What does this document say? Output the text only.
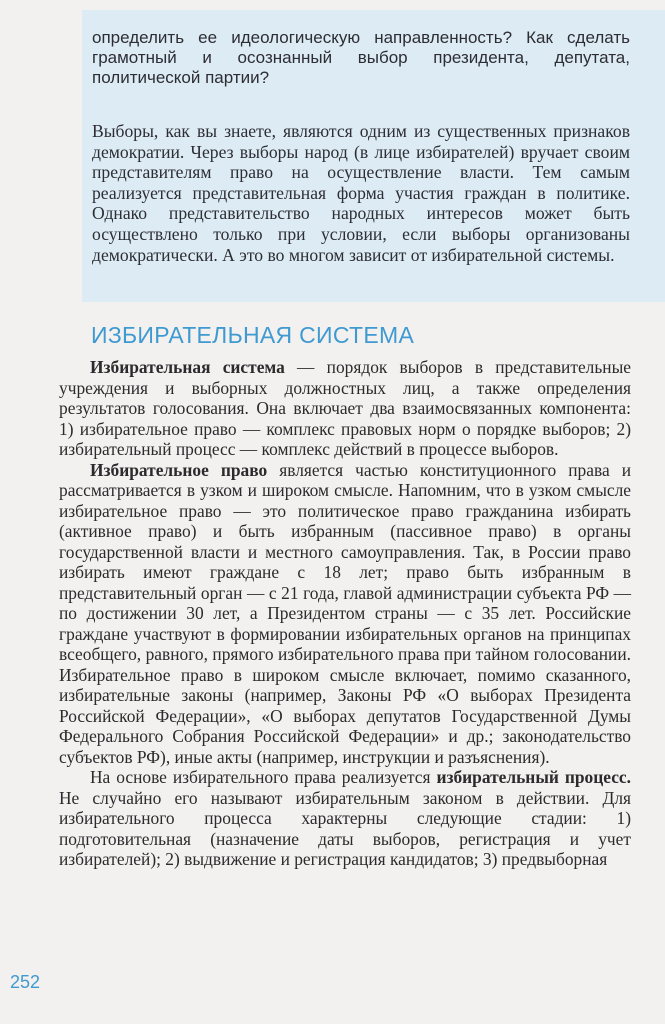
определить ее идеологическую направленность? Как сделать грамотный и осознанный выбор президента, депутата, политической партии?

Выборы, как вы знаете, являются одним из существенных признаков демократии. Через выборы народ (в лице избирателей) вручает своим представителям право на осуществление власти. Тем самым реализуется представительная форма участия граждан в политике. Однако представительство народных интересов может быть осуществлено только при условии, если выборы организованы демократически. А это во многом зависит от избирательной системы.

ИЗБИРАТЕЛЬНАЯ СИСТЕМА

Избирательная система — порядок выборов в представительные учреждения и выборных должностных лиц, а также определения результатов голосования. Она включает два взаимосвязанных компонента: 1) избирательное право — комплекс правовых норм о порядке выборов; 2) избирательный процесс — комплекс действий в процессе выборов.

Избирательное право является частью конституционного права и рассматривается в узком и широком смысле. Напомним, что в узком смысле избирательное право — это политическое право гражданина избирать (активное право) и быть избранным (пассивное право) в органы государственной власти и местного самоуправления. Так, в России право избирать имеют граждане с 18 лет; право быть избранным в представительный орган — с 21 года, главой администрации субъекта РФ — по достижении 30 лет, а Президентом страны — с 35 лет. Российские граждане участвуют в формировании избирательных органов на принципах всеобщего, равного, прямого избирательного права при тайном голосовании. Избирательное право в широком смысле включает, помимо сказанного, избирательные законы (например, Законы РФ «О выборах Президента Российской Федерации», «О выборах депутатов Государственной Думы Федерального Собрания Российской Федерации» и др.; законодательство субъектов РФ), иные акты (например, инструкции и разъяснения).

На основе избирательного права реализуется избирательный процесс. Не случайно его называют избирательным законом в действии. Для избирательного процесса характерны следующие стадии: 1) подготовительная (назначение даты выборов, регистрация и учет избирателей); 2) выдвижение и регистрация кандидатов; 3) предвыборная

252
